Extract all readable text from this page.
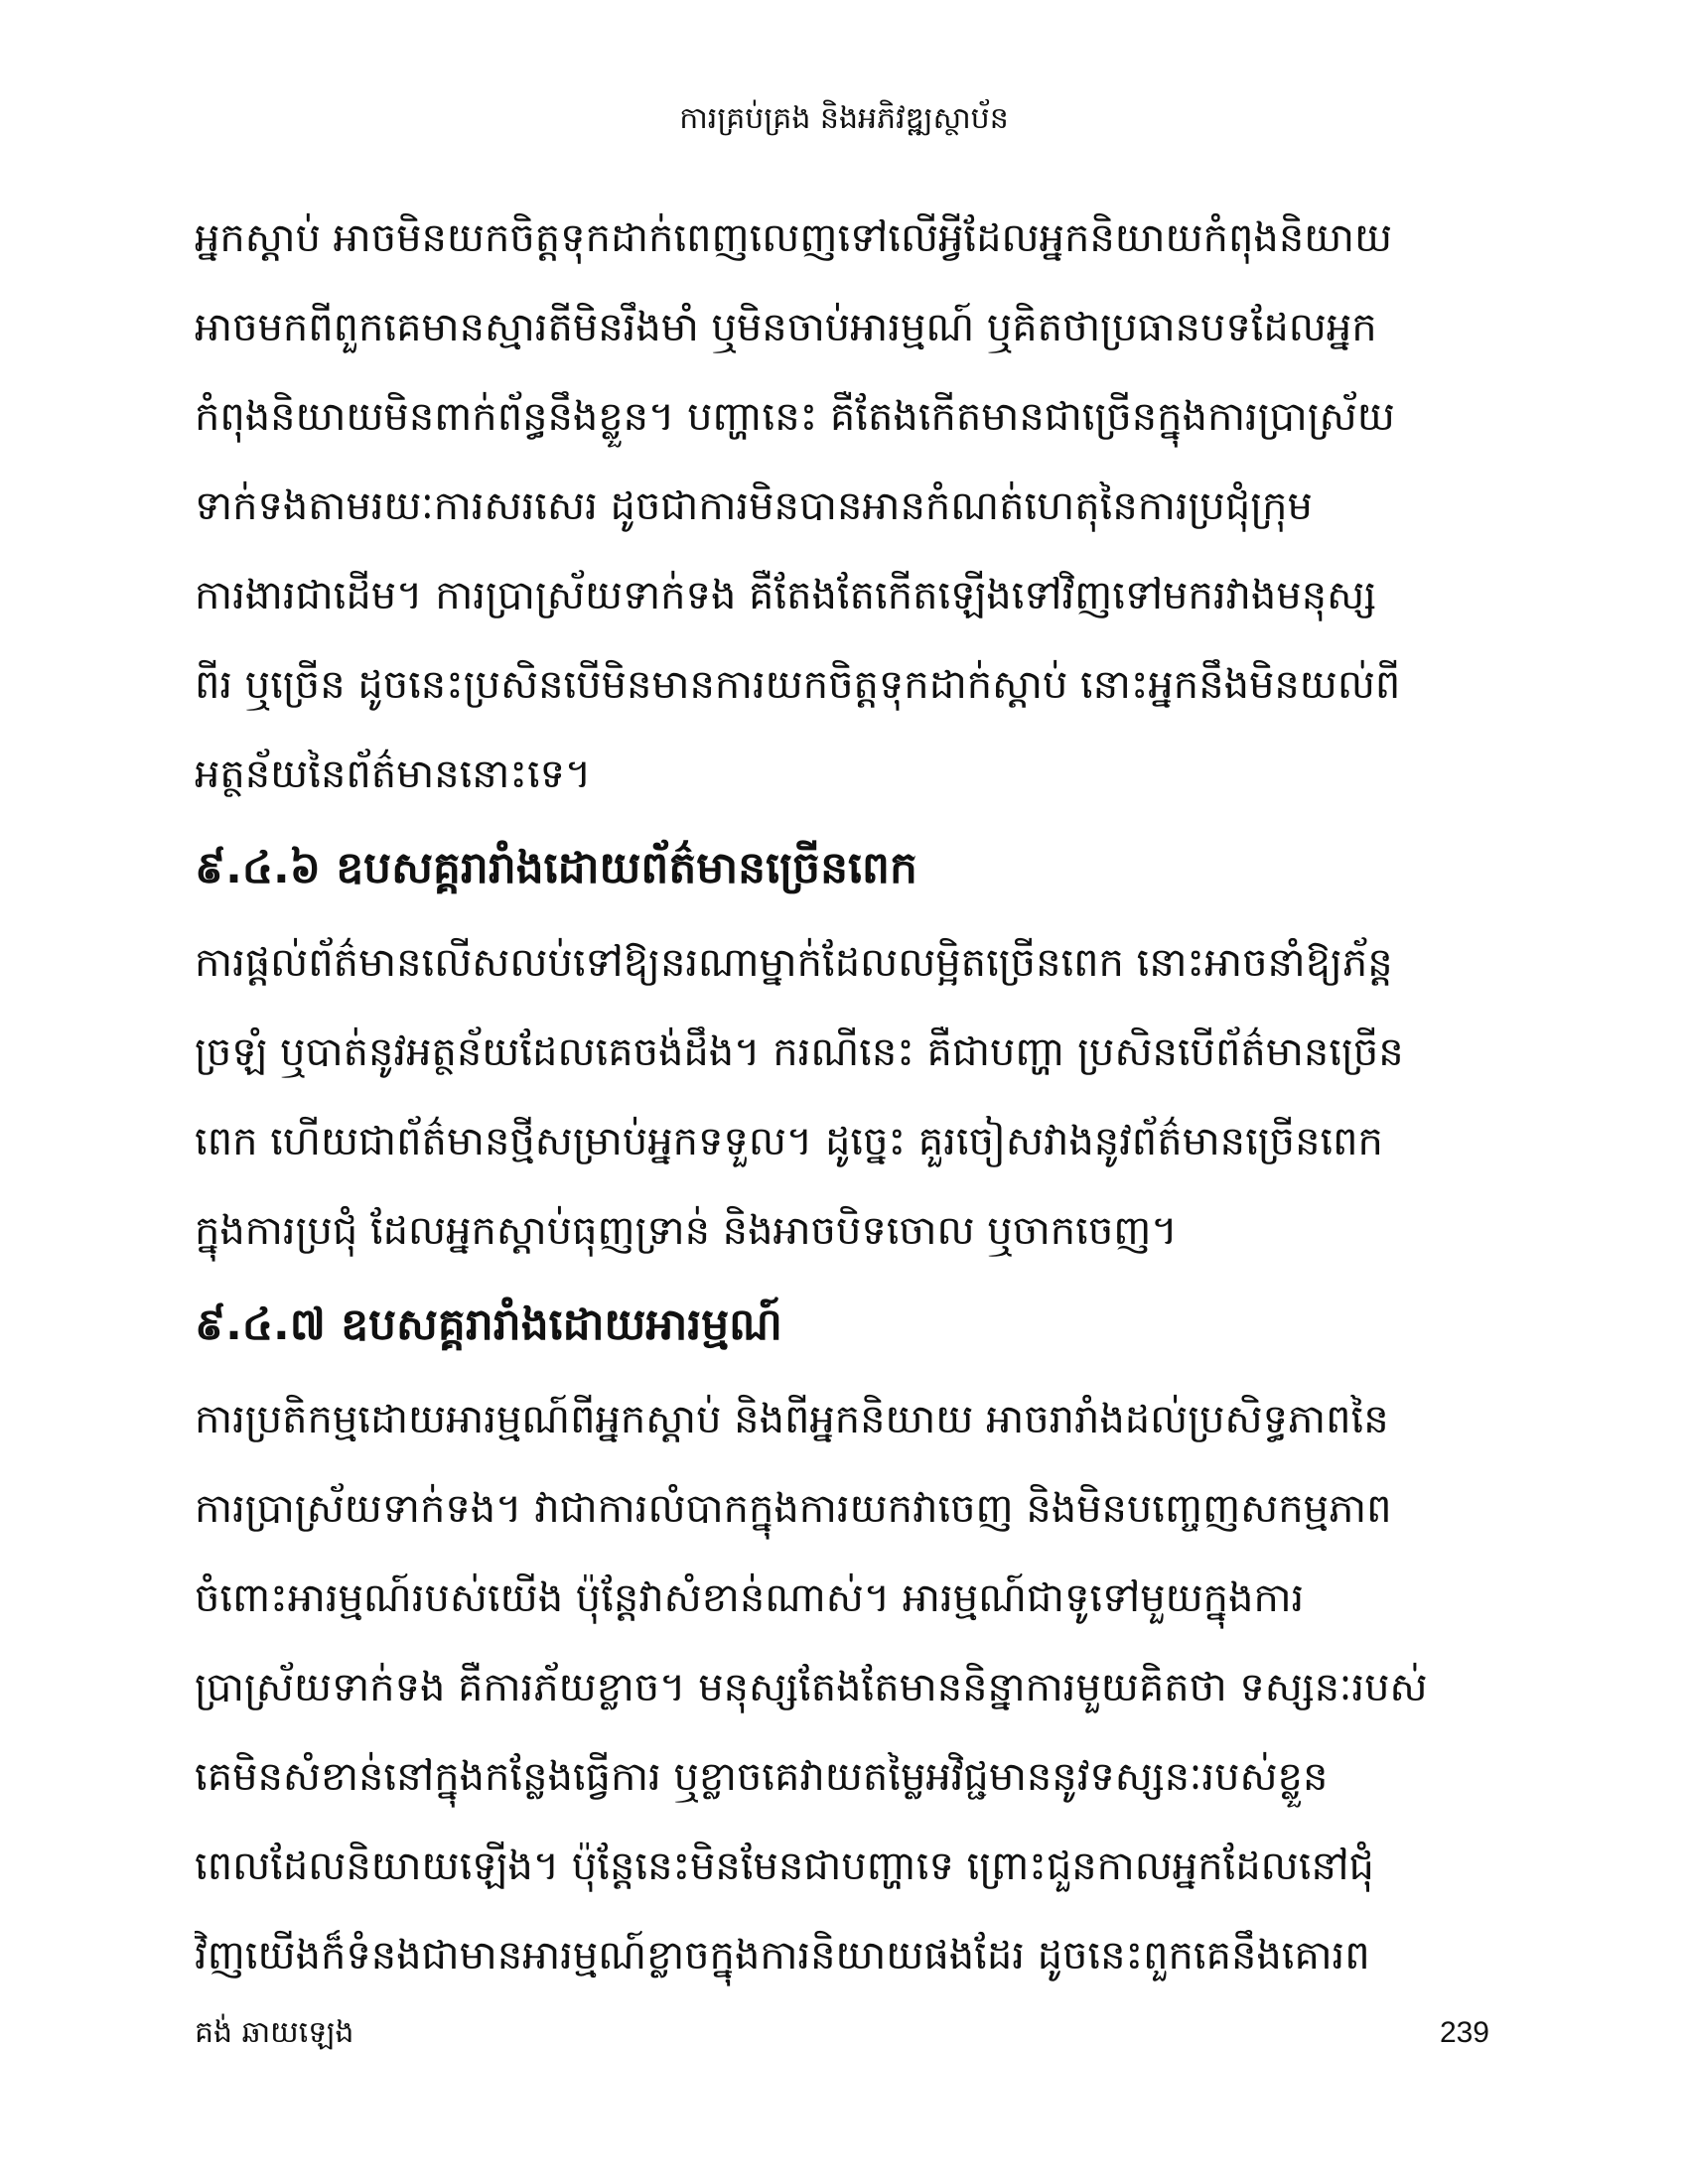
ការគ្រប់គ្រង និងអភិវឌ្ឍស្ថាប័ន

អ្នកស្តាប់ អាចមិនយកចិត្តទុកដាក់ពេញលេញទៅលើអ្វីដែលអ្នកនិយាយកំពុងនិយាយ

អាចមកពីពួកគេមានស្មារតីមិនរឹងមាំ ឬមិនចាប់អារម្មណ៍ ឬគិតថាប្រធានបទដែលអ្នក

កំពុងនិយាយមិនពាក់ព័ន្ធនឹងខ្លួន។ បញ្ហានេះ គឺតែងកើតមានជាច្រើនក្នុងការប្រាស្រ័យ

ទាក់ទងតាមរយៈការសរសេរ ដូចជាការមិនបានអានកំណត់ហេតុនៃការប្រជុំក្រុម

ការងារជាដើម។ ការប្រាស្រ័យទាក់ទង គឺតែងតែកើតឡើងទៅវិញទៅមករវាងមនុស្ស

ពីរ ឬច្រើន ដូចនេះប្រសិនបើមិនមានការយកចិត្តទុកដាក់ស្តាប់ នោះអ្នកនឹងមិនយល់ពី

អត្ថន័យនៃព័ត៌មាននោះទេ។

៩.៤.៦ ឧបសគ្គរារាំងដោយព័ត៌មានច្រើនពេក

ការផ្តល់ព័ត៌មានលើសលប់ទៅឱ្យនរណាម្នាក់ដែលលម្អិតច្រើនពេក នោះអាចនាំឱ្យភ័ន្ត

ច្រឡំ ឬបាត់នូវអត្ថន័យដែលគេចង់ដឹង។ ករណីនេះ គឺជាបញ្ហា ប្រសិនបើព័ត៌មានច្រើន

ពេក ហើយជាព័ត៌មានថ្មីសម្រាប់អ្នកទទួល។ ដូច្នេះ គួរចៀសវាងនូវព័ត៌មានច្រើនពេក

ក្នុងការប្រជុំ ដែលអ្នកស្តាប់ធុញទ្រាន់ និងអាចបិទចោល ឬចាកចេញ។

៩.៤.៧ ឧបសគ្គរារាំងដោយអារម្មណ៍

ការប្រតិកម្មដោយអារម្មណ៍ពីអ្នកស្តាប់ និងពីអ្នកនិយាយ អាចរារាំងដល់ប្រសិទ្ធភាពនៃ

ការប្រាស្រ័យទាក់ទង។ វាជាការលំបាកក្នុងការយកវាចេញ និងមិនបញ្ចេញសកម្មភាព

ចំពោះអារម្មណ៍របស់យើង ប៉ុន្តែវាសំខាន់ណាស់។ អារម្មណ៍ជាទូទៅមួយក្នុងការ

ប្រាស្រ័យទាក់ទង គឺការភ័យខ្លាច។ មនុស្សតែងតែមាននិន្នាការមួយគិតថា ទស្សនៈរបស់

គេមិនសំខាន់នៅក្នុងកន្លែងធ្វើការ ឬខ្លាចគេវាយតម្លៃអវិជ្ជមាននូវទស្សនៈរបស់ខ្លួន

ពេលដែលនិយាយឡើង។ ប៉ុន្តែនេះមិនមែនជាបញ្ហាទេ ព្រោះជួនកាលអ្នកដែលនៅជុំ

វិញយើងក៏ទំនងជាមានអារម្មណ៍ខ្លាចក្នុងការនិយាយផងដែរ ដូចនេះពួកគេនឹងគោរព

គង់ ឆាយឡេង	239
